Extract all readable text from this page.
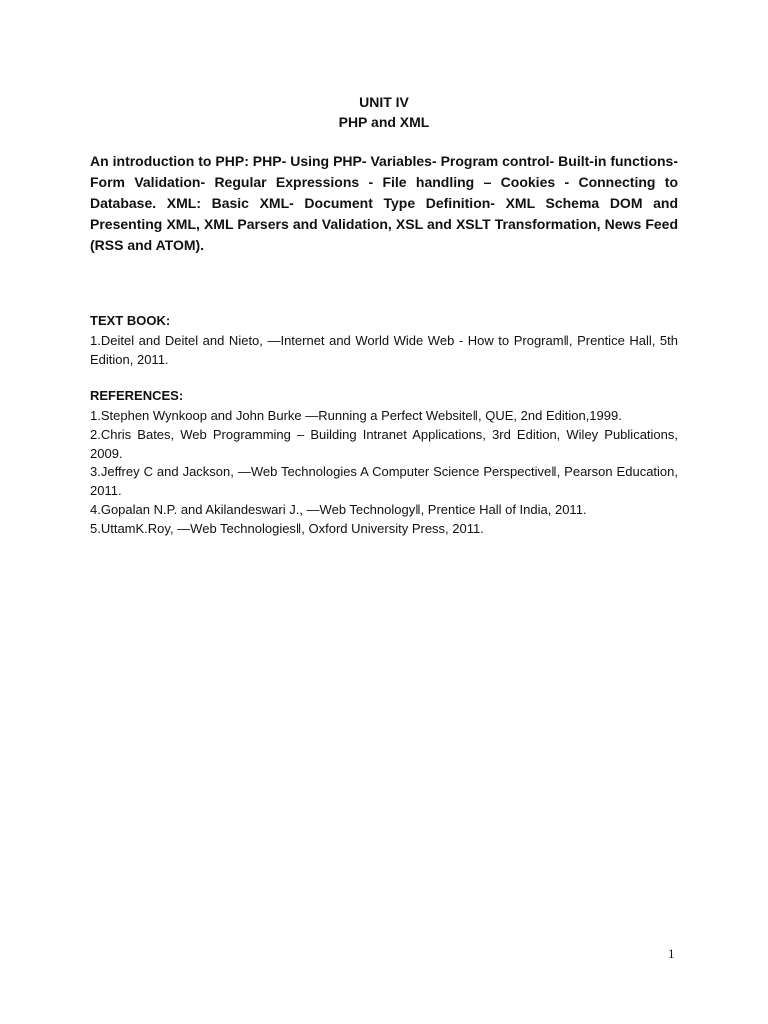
UNIT IV
PHP and XML

An introduction to PHP: PHP- Using PHP- Variables- Program control- Built-in functions- Form Validation- Regular Expressions - File handling – Cookies - Connecting to Database. XML: Basic XML- Document Type Definition- XML Schema DOM and Presenting XML, XML Parsers and Validation, XSL and XSLT Transformation, News Feed (RSS and ATOM).

TEXT BOOK:

1.Deitel and Deitel and Nieto, ―Internet and World Wide Web - How to Program‖, Prentice Hall, 5th Edition, 2011.

REFERENCES:

1.Stephen Wynkoop and John Burke ―Running a Perfect Website‖, QUE, 2nd Edition,1999.

2.Chris Bates, Web Programming – Building Intranet Applications, 3rd Edition, Wiley Publications, 2009.

3.Jeffrey C and Jackson, ―Web Technologies A Computer Science Perspective‖, Pearson Education, 2011.

4.Gopalan N.P. and Akilandeswari J., ―Web Technology‖, Prentice Hall of India, 2011.

5.UttamK.Roy, ―Web Technologies‖, Oxford University Press, 2011.

1
